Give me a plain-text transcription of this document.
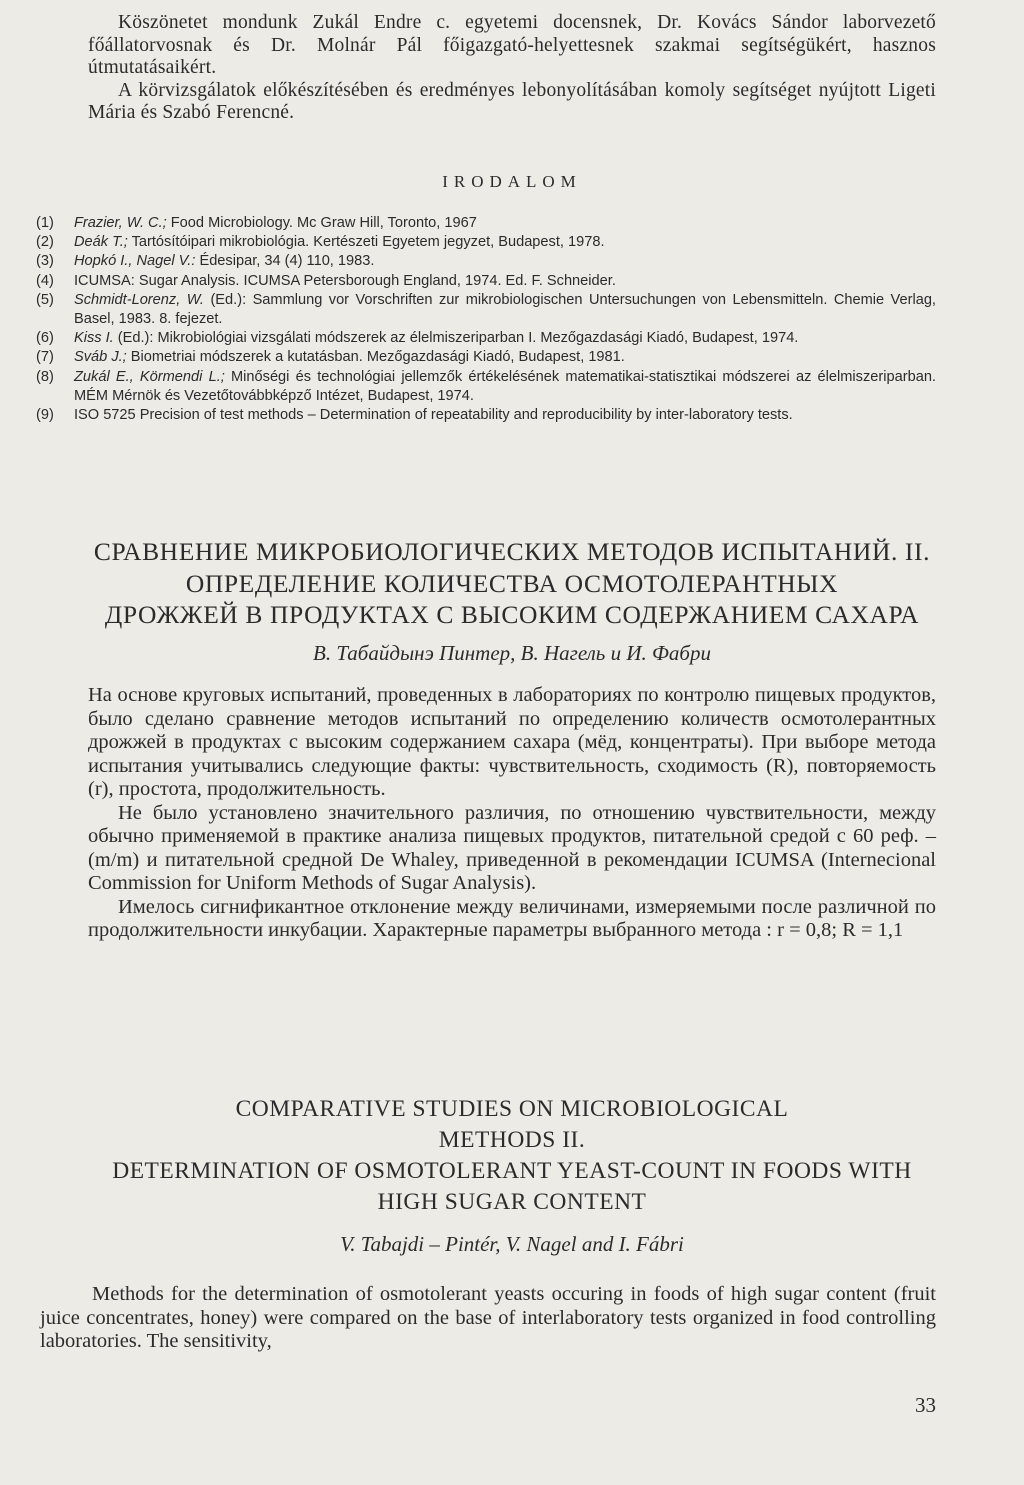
Köszönetet mondunk Zukál Endre c. egyetemi docensnek, Dr. Kovács Sándor laborvezető főállatorvosnak és Dr. Molnár Pál főigazgató-helyettesnek szakmai segítségükért, hasznos útmutatásaikért.

A körvizsgálatok előkészítésében és eredményes lebonyolításában komoly segítséget nyújtott Ligeti Mária és Szabó Ferencné.

IRODALOM
(1)	Frazier, W. C.; Food Microbiology. Mc Graw Hill, Toronto, 1967
(2)	Deák T.; Tartósítóipari mikrobiológia. Kertészeti Egyetem jegyzet, Budapest, 1978.
(3)	Hopkó I., Nagel V.: Édesipar, 34 (4) 110, 1983.
(4)	ICUMSA: Sugar Analysis. ICUMSA Petersborough England, 1974. Ed. F. Schneider.
(5)	Schmidt-Lorenz, W. (Ed.): Sammlung vor Vorschriften zur mikrobiologischen Untersuchungen von Lebensmitteln. Chemie Verlag, Basel, 1983. 8. fejezet.
(6)	Kiss I. (Ed.): Mikrobiológiai vizsgálati módszerek az élelmiszeriparban I. Mezőgazdasági Kiadó, Budapest, 1974.
(7)	Sváb J.; Biometriai módszerek a kutatásban. Mezőgazdasági Kiadó, Budapest, 1981.
(8)	Zukál E., Körmendi L.; Minőségi és technológiai jellemzők értékelésének matematikai-statisztikai módszerei az élelmiszeriparban. MÉM Mérnök és Vezetőtovábbképző Intézet, Budapest, 1974.
(9)	ISO 5725 Precision of test methods – Determination of repeatability and reproducibility by inter-laboratory tests.
СРАВНЕНИЕ МИКРОБИОЛОГИЧЕСКИХ МЕТОДОВ ИСПЫТАНИЙ. II.
ОПРЕДЕЛЕНИЕ КОЛИЧЕСТВА ОСМОТОЛЕРАНТНЫХ
ДРОЖЖЕЙ В ПРОДУКТАХ С ВЫСОКИМ СОДЕРЖАНИЕМ САХАРА
В. Табайдынэ Пинтер, В. Нагель и И. Фабри

На основе круговых испытаний, проведенных в лабораториях по контролю пищевых продуктов, было сделано сравнение методов испытаний по определению количеств осмотолерантных дрожжей в продуктах с высоким содержанием сахара (мёд, концентраты). При выборе метода испытания учитывались следующие факты: чувствительность, сходимость (R), повторяемость (r), простота, продолжительность.

Не было установлено значительного различия, по отношению чувствительности, между обычно применяемой в практике анализа пищевых продуктов, питательной средой с 60 реф. – (m/m) и питательной средной De Whaley, приведенной в рекомендации ICUMSA (Internecional Commission for Uniform Methods of Sugar Analysis).

Имелось сигнификантное отклонение между величинами, измеряемыми после различной по продолжительности инкубации. Характерные параметры выбранного метода : r = 0,8; R = 1,1

COMPARATIVE STUDIES ON MICROBIOLOGICAL
METHODS II.
DETERMINATION OF OSMOTOLERANT YEAST-COUNT IN FOODS WITH
HIGH SUGAR CONTENT
V. Tabajdi – Pintér, V. Nagel and I. Fábri

Methods for the determination of osmotolerant yeasts occuring in foods of high sugar content (fruit juice concentrates, honey) were compared on the base of interlaboratory tests organized in food controlling laboratories. The sensitivity,

33
